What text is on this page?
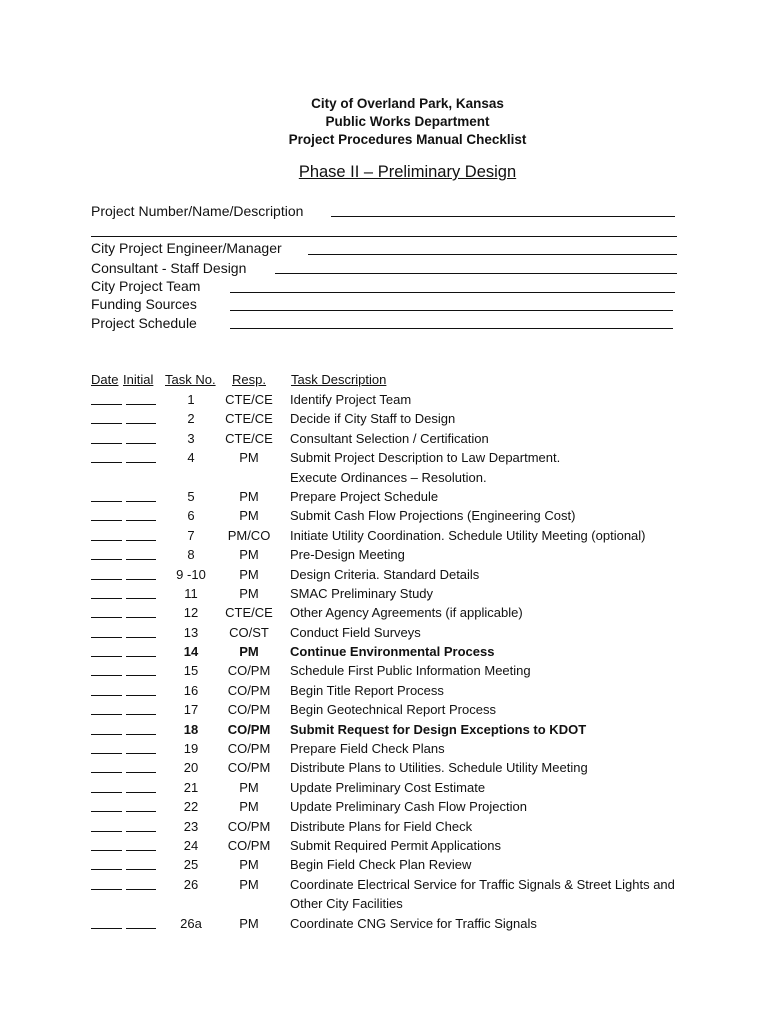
City of Overland Park, Kansas
Public Works Department
Project Procedures Manual Checklist
Phase II – Preliminary Design
Project Number/Name/Description
City Project Engineer/Manager
Consultant - Staff Design
City Project Team
Funding Sources
Project Schedule
Date Initial Task No. Resp. Task Description
1	CTE/CE	Identify Project Team
2	CTE/CE	Decide if City Staff to Design
3	CTE/CE	Consultant Selection / Certification
4	PM	Submit Project Description to Law Department.
Execute Ordinances – Resolution.
5	PM	Prepare Project Schedule
6	PM	Submit Cash Flow Projections (Engineering Cost)
7	PM/CO	Initiate Utility Coordination. Schedule Utility Meeting (optional)
8	PM	Pre-Design Meeting
9 -10	PM	Design Criteria. Standard Details
11	PM	SMAC Preliminary Study
12	CTE/CE	Other Agency Agreements (if applicable)
13	CO/ST	Conduct Field Surveys
14	PM	Continue Environmental Process
15	CO/PM	Schedule First Public Information Meeting
16	CO/PM	Begin Title Report Process
17	CO/PM	Begin Geotechnical Report Process
18	CO/PM	Submit Request for Design Exceptions to KDOT
19	CO/PM	Prepare Field Check Plans
20	CO/PM	Distribute Plans to Utilities. Schedule Utility Meeting
21	PM	Update Preliminary Cost Estimate
22	PM	Update Preliminary Cash Flow Projection
23	CO/PM	Distribute Plans for Field Check
24	CO/PM	Submit Required Permit Applications
25	PM	Begin Field Check Plan Review
26	PM	Coordinate Electrical Service for Traffic Signals & Street Lights and
Other City Facilities
26a	PM	Coordinate CNG Service for Traffic Signals
